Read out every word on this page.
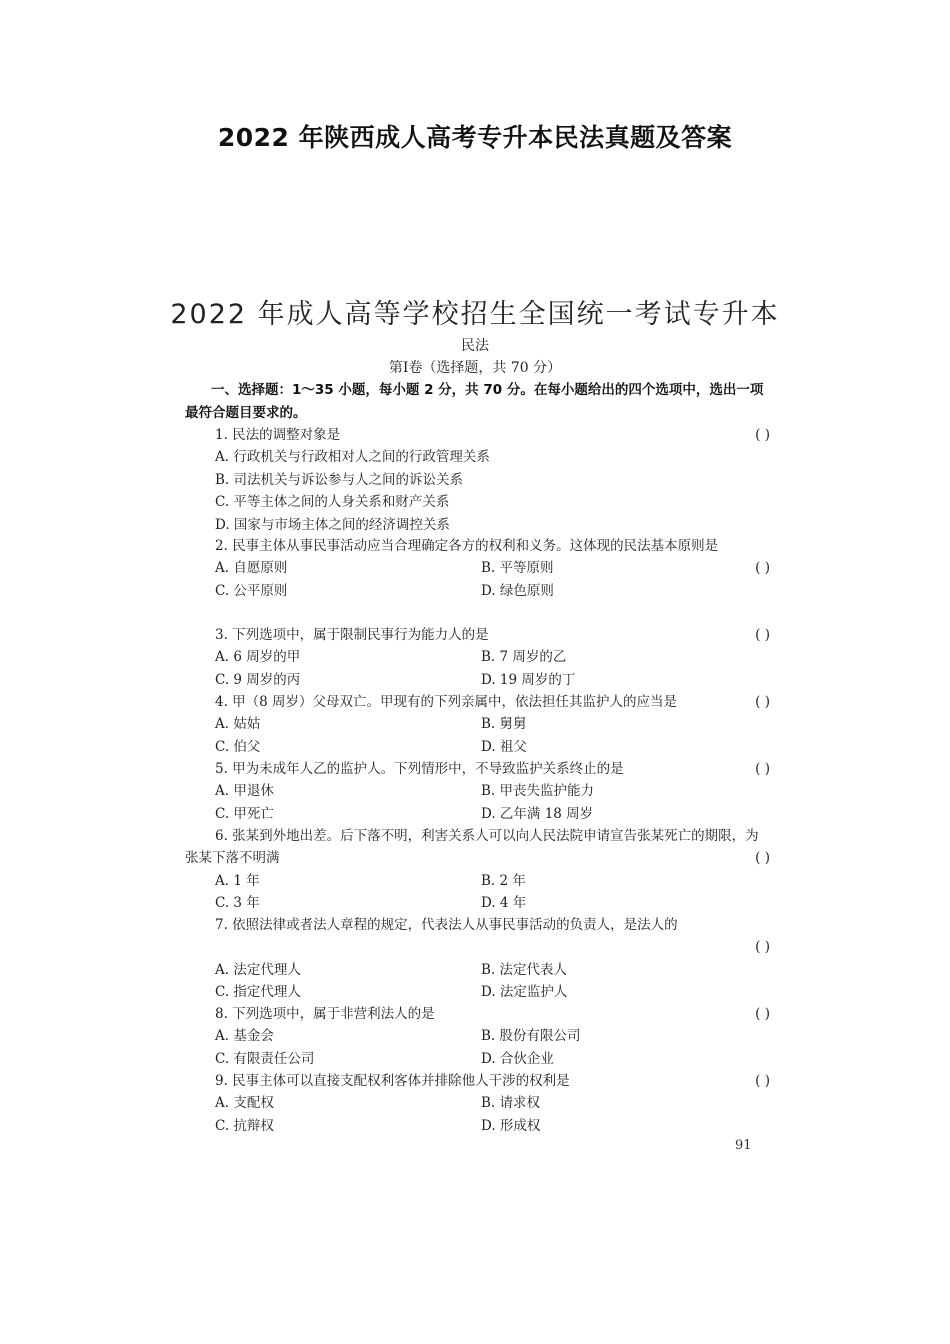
2022 年陕西成人高考专升本民法真题及答案
2022 年成人高等学校招生全国统一考试专升本
民法
第Ⅰ卷（选择题，共 70 分）
一、选择题：1～35 小题，每小题 2 分，共 70 分。在每小题给出的四个选项中，选出一项最符合题目要求的。
1. 民法的调整对象是	( )
A. 行政机关与行政相对人之间的行政管理关系
B. 司法机关与诉讼参与人之间的诉讼关系
C. 平等主体之间的人身关系和财产关系
D. 国家与市场主体之间的经济调控关系
2. 民事主体从事民事活动应当合理确定各方的权利和义务。这体现的民法基本原则是
( )
A. 自愿原则	B. 平等原则
C. 公平原则	D. 绿色原则
3. 下列选项中，属于限制民事行为能力人的是	( )
A. 6 周岁的甲	B. 7 周岁的乙
C. 9 周岁的丙	D. 19 周岁的丁
4. 甲（8 周岁）父母双亡。甲现有的下列亲属中，依法担任其监护人的应当是	( )
A. 姑姑	B. 舅舅
C. 伯父	D. 祖父
5. 甲为未成年人乙的监护人。下列情形中，不导致监护关系终止的是	( )
A. 甲退休	B. 甲丧失监护能力
C. 甲死亡	D. 乙年满 18 周岁
6. 张某到外地出差。后下落不明，利害关系人可以向人民法院申请宣告张某死亡的期限，为张某下落不明满	( )
A. 1 年	B. 2 年
C. 3 年	D. 4 年
7. 依照法律或者法人章程的规定，代表法人从事民事活动的负责人，是法人的
( )
A. 法定代理人	B. 法定代表人
C. 指定代理人	D. 法定监护人
8. 下列选项中，属于非营利法人的是	( )
A. 基金会	B. 股份有限公司
C. 有限责任公司	D. 合伙企业
9. 民事主体可以直接支配权利客体并排除他人干涉的权利是	( )
A. 支配权	B. 请求权
C. 抗辩权	D. 形成权
91
